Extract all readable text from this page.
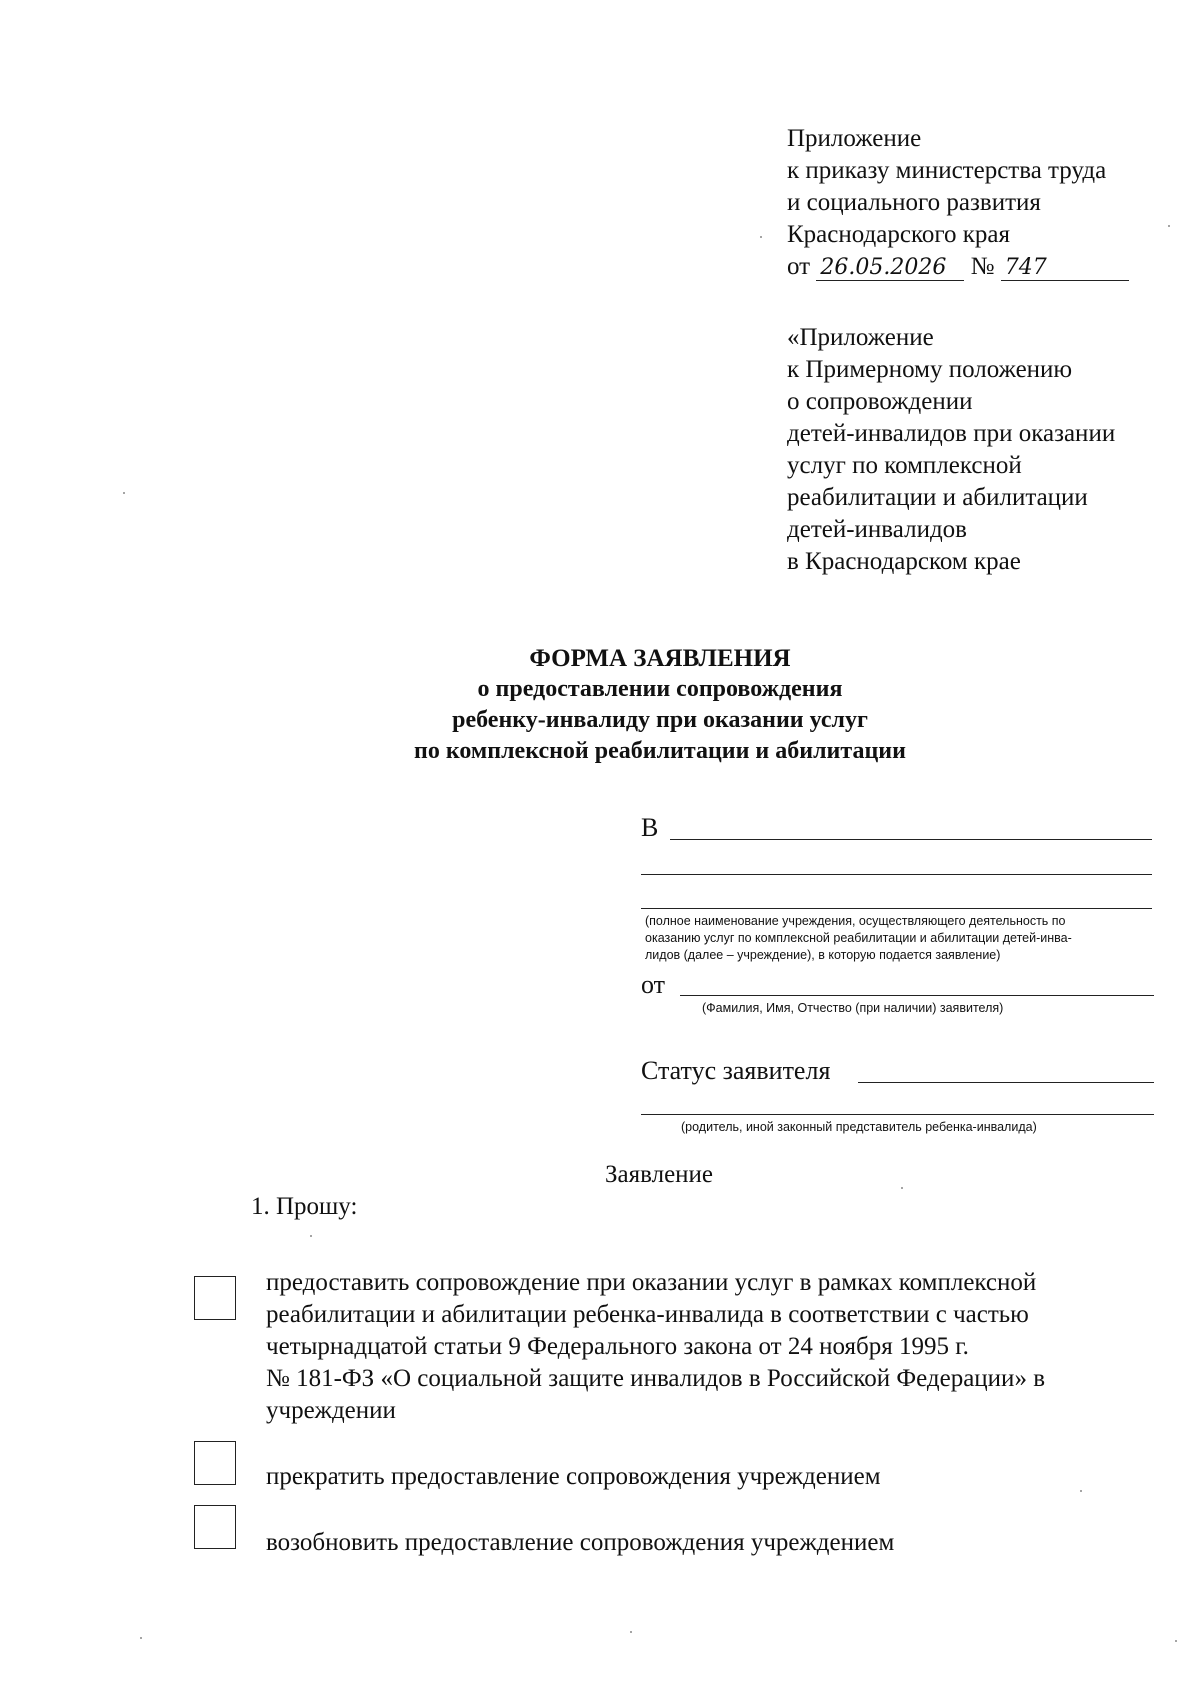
Приложение
к приказу министерства труда
и социального развития
Краснодарского края
от 26.05.2026 № 747
«Приложение
к Примерному положению
о сопровождении
детей-инвалидов при оказании
услуг по комплексной
реабилитации и абилитации
детей-инвалидов
в Краснодарском крае
ФОРМА ЗАЯВЛЕНИЯ
о предоставлении сопровождения
ребенку-инвалиду при оказании услуг
по комплексной реабилитации и абилитации
В
(полное наименование учреждения, осуществляющего деятельность по
оказанию услуг по комплексной реабилитации и абилитации детей-инва-
лидов (далее – учреждение), в которую подается заявление)
от
(Фамилия, Имя, Отчество (при наличии) заявителя)
Статус заявителя
(родитель, иной законный представитель ребенка-инвалида)
Заявление
1. Прошу:
предоставить сопровождение при оказании услуг в рамках комплексной
реабилитации и абилитации ребенка-инвалида в соответствии с частью
четырнадцатой статьи 9 Федерального закона от 24 ноября 1995 г.
№ 181-ФЗ «О социальной защите инвалидов в Российской Федерации» в
учреждении
прекратить предоставление сопровождения учреждением
возобновить предоставление сопровождения учреждением
